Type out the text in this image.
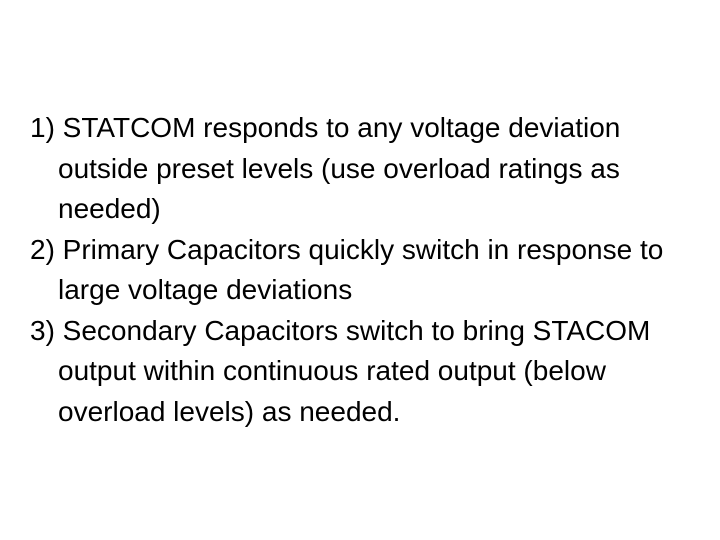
1) STATCOM responds to any voltage deviation outside preset levels (use overload ratings as needed)
2) Primary Capacitors quickly switch in response to large voltage deviations
3) Secondary Capacitors switch to bring STACOM output within continuous rated output (below overload levels) as needed.
